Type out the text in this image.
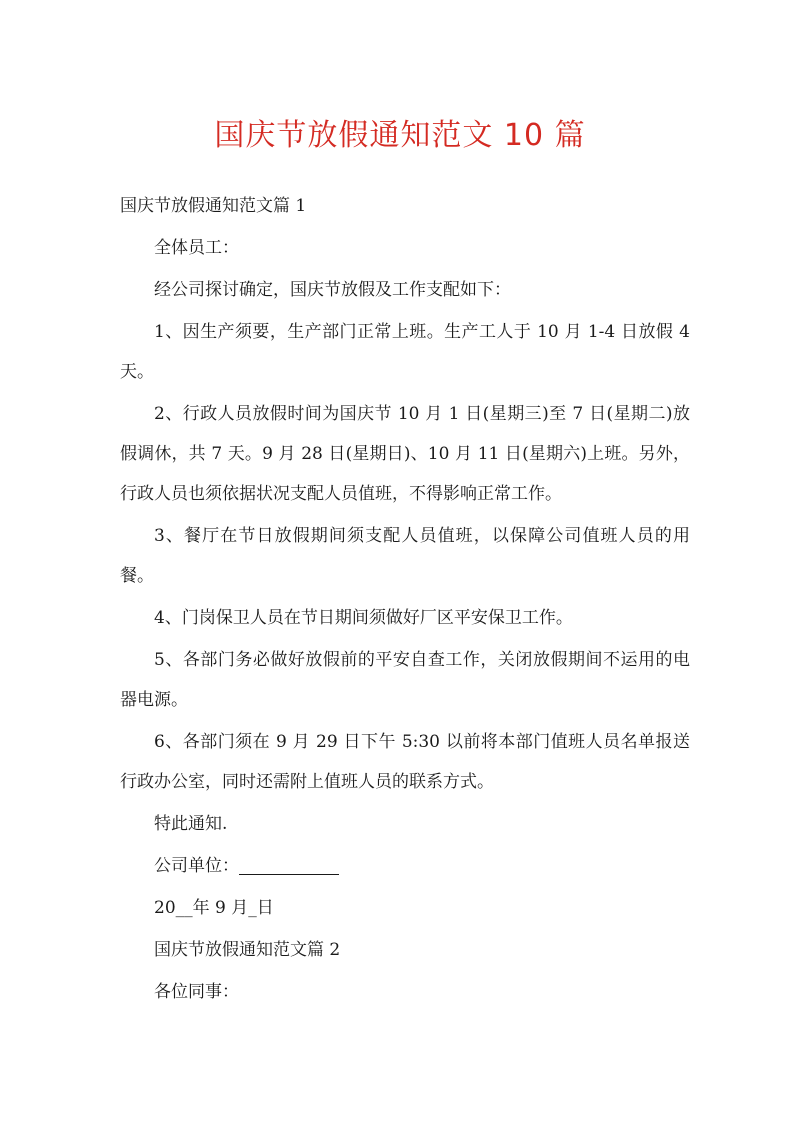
国庆节放假通知范文 10 篇

国庆节放假通知范文篇 1

全体员工：

经公司探讨确定，国庆节放假及工作支配如下：

1、因生产须要，生产部门正常上班。生产工人于 10 月 1-4 日放假 4 天。

2、行政人员放假时间为国庆节 10 月 1 日(星期三)至 7 日(星期二)放假调休，共 7 天。9 月 28 日(星期日)、10 月 11 日(星期六)上班。另外，行政人员也须依据状况支配人员值班，不得影响正常工作。

3、餐厅在节日放假期间须支配人员值班，以保障公司值班人员的用餐。

4、门岗保卫人员在节日期间须做好厂区平安保卫工作。

5、各部门务必做好放假前的平安自查工作，关闭放假期间不运用的电器电源。

6、各部门须在 9 月 29 日下午 5:30 以前将本部门值班人员名单报送行政办公室，同时还需附上值班人员的联系方式。

特此通知.

公司单位：

20__年 9 月_日

国庆节放假通知范文篇 2

各位同事：
